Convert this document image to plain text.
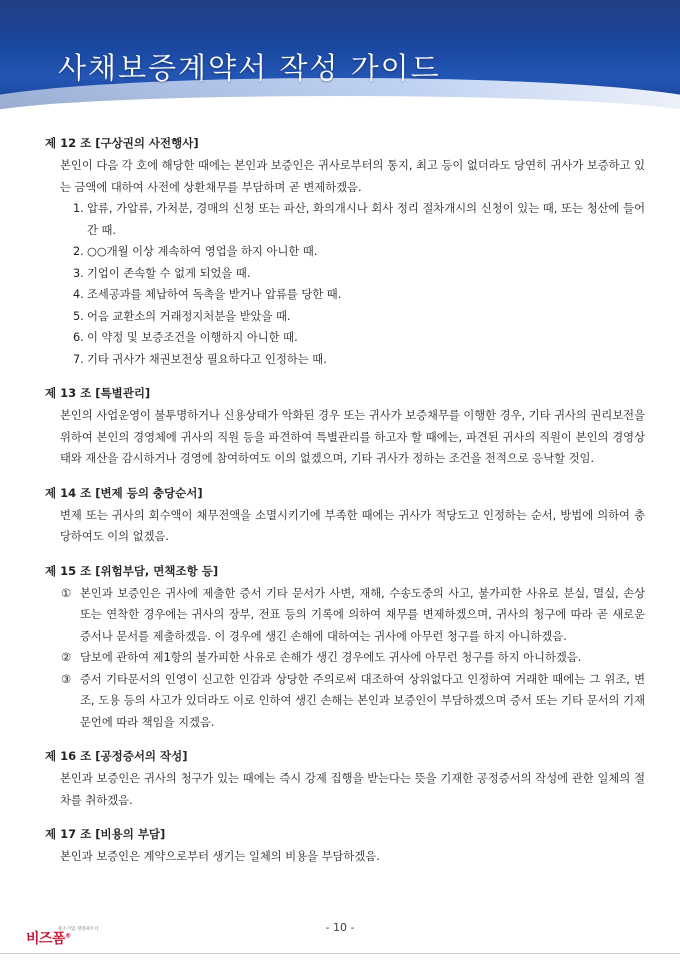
사채보증계약서 작성 가이드
제 12 조 [구상권의 사전행사]
본인이 다음 각 호에 해당한 때에는 본인과 보증인은 귀사로부터의 통지, 최고 등이 없더라도 당연히 귀사가 보증하고 있는 금액에 대하여 사전에 상환채무를 부담하며 곧 변제하겠음.
1. 압류, 가압류, 가처분, 경매의 신청 또는 파산, 화의개시나 회사 정리 절차개시의 신청이 있는 때, 또는 청산에 들어간 때.
2. ○○개월 이상 계속하여 영업을 하지 아니한 때.
3. 기업이 존속할 수 없게 되었을 때.
4. 조세공과를 체납하여 독촉을 받거나 압류를 당한 때.
5. 어음 교환소의 거래정지처분을 받았을 때.
6. 이 약정 및 보증조건을 이행하지 아니한 때.
7. 기타 귀사가 채권보전상 필요하다고 인정하는 때.
제 13 조 [특별관리]
본인의 사업운영이 불투명하거나 신용상태가 악화된 경우 또는 귀사가 보증채무를 이행한 경우, 기타 귀사의 권리보전을 위하여 본인의 경영체에 귀사의 직원 등을 파견하여 특별관리를 하고자 할 때에는, 파견된 귀사의 직원이 본인의 경영상태와 재산을 감시하거나 경영에 참여하여도 이의 없겠으며, 기타 귀사가 정하는 조건을 전적으로 응낙할 것임.
제 14 조 [변제 등의 충당순서]
변제 또는 귀사의 회수액이 채무전액을 소멸시키기에 부족한 때에는 귀사가 적당도고 인정하는 순서, 방법에 의하여 충당하여도 이의 없겠음.
제 15 조 [위험부담, 면책조항 등]
① 본인과 보증인은 귀사에 제출한 증서 기타 문서가 사변, 재해, 수송도중의 사고, 불가피한 사유로 분실, 멸실, 손상 또는 연착한 경우에는 귀사의 장부, 전표 등의 기록에 의하여 채무를 변제하겠으며, 귀사의 청구에 따라 곧 새로운 증서나 문서를 제출하겠음. 이 경우에 생긴 손해에 대하여는 귀사에 아무런 청구를 하지 아니하겠음.
② 담보에 관하여 제1항의 불가피한 사유로 손해가 생긴 경우에도 귀사에 아무런 청구를 하지 아니하겠음.
③ 증서 기타문서의 인영이 신고한 인감과 상당한 주의로써 대조하여 상위없다고 인정하여 거래한 때에는 그 위조, 변조, 도용 등의 사고가 있더라도 이로 인하여 생긴 손해는 본인과 보증인이 부담하겠으며 증서 또는 기타 문서의 기재 문언에 따라 책임을 지겠음.
제 16 조 [공정증서의 작성]
본인과 보증인은 귀사의 청구가 있는 때에는 즉시 강제 집행을 받는다는 뜻을 기재한 공정증서의 작성에 관한 일체의 절차를 취하겠음.
제 17 조 [비용의 부담]
본인과 보증인은 계약으로부터 생기는 일체의 비용을 부담하겠음.
- 10 -
비즈폼®
중소기업 경영파트너
